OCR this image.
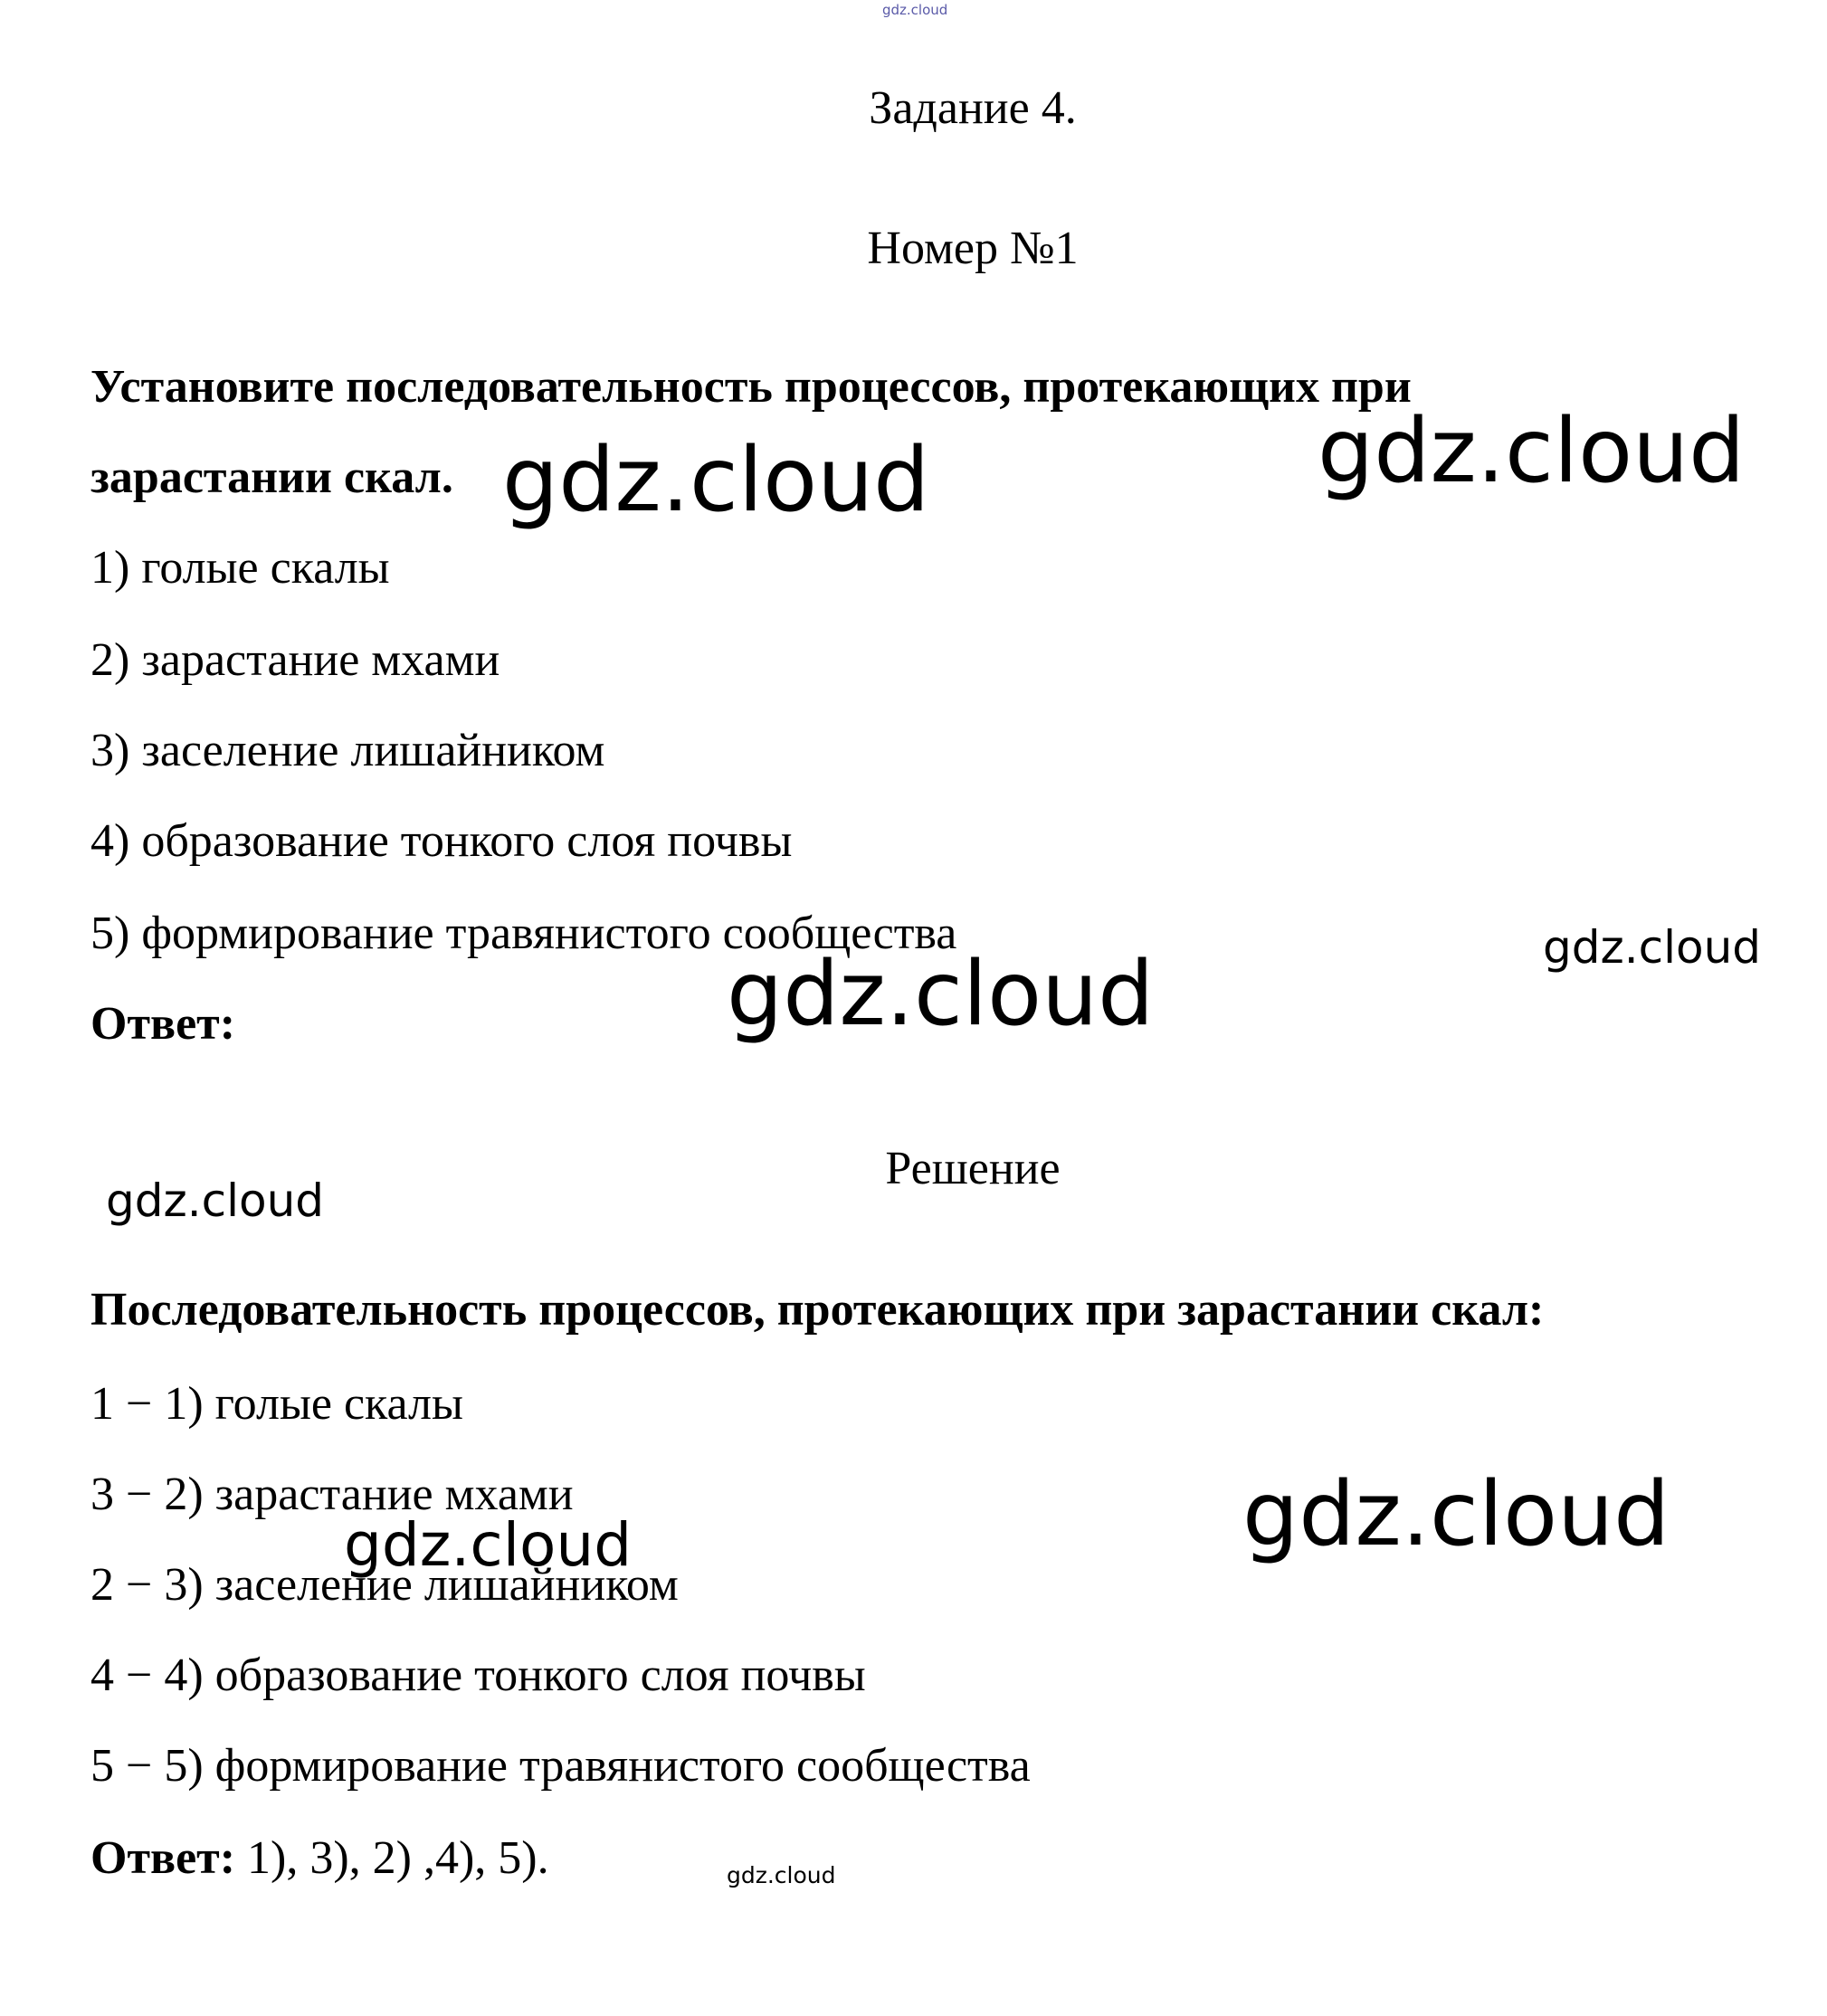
gdz.cloud
Задание 4.
Номер №1
Установите последовательность процессов, протекающих при
зарастании скал.
1) голые скалы
2) зарастание мхами
3) заселение лишайником
4) образование тонкого слоя почвы
5) формирование травянистого сообщества
Ответ:
Решение
Последовательность процессов, протекающих при зарастании скал:
1 − 1) голые скалы
3 − 2) зарастание мхами
2 − 3) заселение лишайником
4 − 4) образование тонкого слоя почвы
5 − 5) формирование травянистого сообщества
Ответ: 1), 3), 2) ,4), 5).
gdz.cloud	gdz.cloud
gdz.cloud
gdz.cloud
gdz.cloud
gdz.cloud
gdz.cloud
gdz.cloud
